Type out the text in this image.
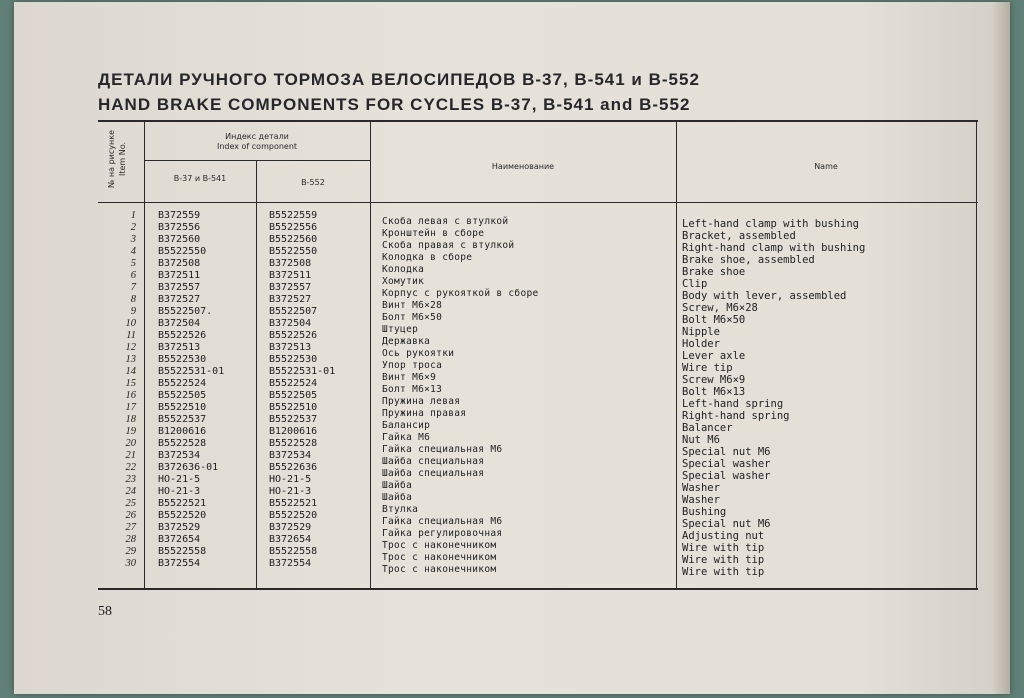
ДЕТАЛИ РУЧНОГО ТОРМОЗА ВЕЛОСИПЕДОВ В-37, В-541 и В-552
HAND BRAKE COMPONENTS FOR CYCLES B-37, B-541 and B-552
№ на рисунке Item No.
Индекс детали
Index of component
В-37 и В-541	В-552
Наименование	Name
1
2
3
4
5
6
7
8
9
10
11
12
13
14
15
16
17
18
19
20
21
22
23
24
25
26
27
28
29
30
В372559
В372556
В372560
В5522550
В372508
В372511
В372557
В372527
В5522507.
В372504
В5522526
В372513
В5522530
В5522531-01
В5522524
В5522505
В5522510
В5522537
В1200616
В5522528
В372534
В372636-01
НО-21-5
НО-21-3
В5522521
В5522520
В372529
В372654
В5522558
В372554
В5522559
В5522556
В5522560
В5522550
В372508
В372511
В372557
В372527
В5522507
В372504
В5522526
В372513
В5522530
В5522531-01
В5522524
В5522505
В5522510
В5522537
В1200616
В5522528
В372534
В5522636
НО-21-5
НО-21-3
В5522521
В5522520
В372529
В372654
В5522558
В372554
Скоба левая с втулкой
Кронштейн в сборе
Скоба правая с втулкой
Колодка в сборе
Колодка
Хомутик
Корпус с рукояткой в сборе
Винт М6×28
Болт М6×50
Штуцер
Державка
Ось рукоятки
Упор троса
Винт М6×9
Болт М6×13
Пружина левая
Пружина правая
Балансир
Гайка М6
Гайка специальная М6
Шайба специальная
Шайба специальная
Шайба
Шайба
Втулка
Гайка специальная М6
Гайка регулировочная
Трос с наконечником
Трос с наконечником
Трос с наконечником
Left-hand clamp with bushing
Bracket, assembled
Right-hand clamp with bushing
Brake shoe, assembled
Brake shoe
Clip
Body with lever, assembled
Screw, M6×28
Bolt M6×50
Nipple
Holder
Lever axle
Wire tip
Screw M6×9
Bolt M6×13
Left-hand spring
Right-hand spring
Balancer
Nut M6
Special nut M6
Special washer
Special washer
Washer
Washer
Bushing
Special nut M6
Adjusting nut
Wire with tip
Wire with tip
Wire with tip
58
